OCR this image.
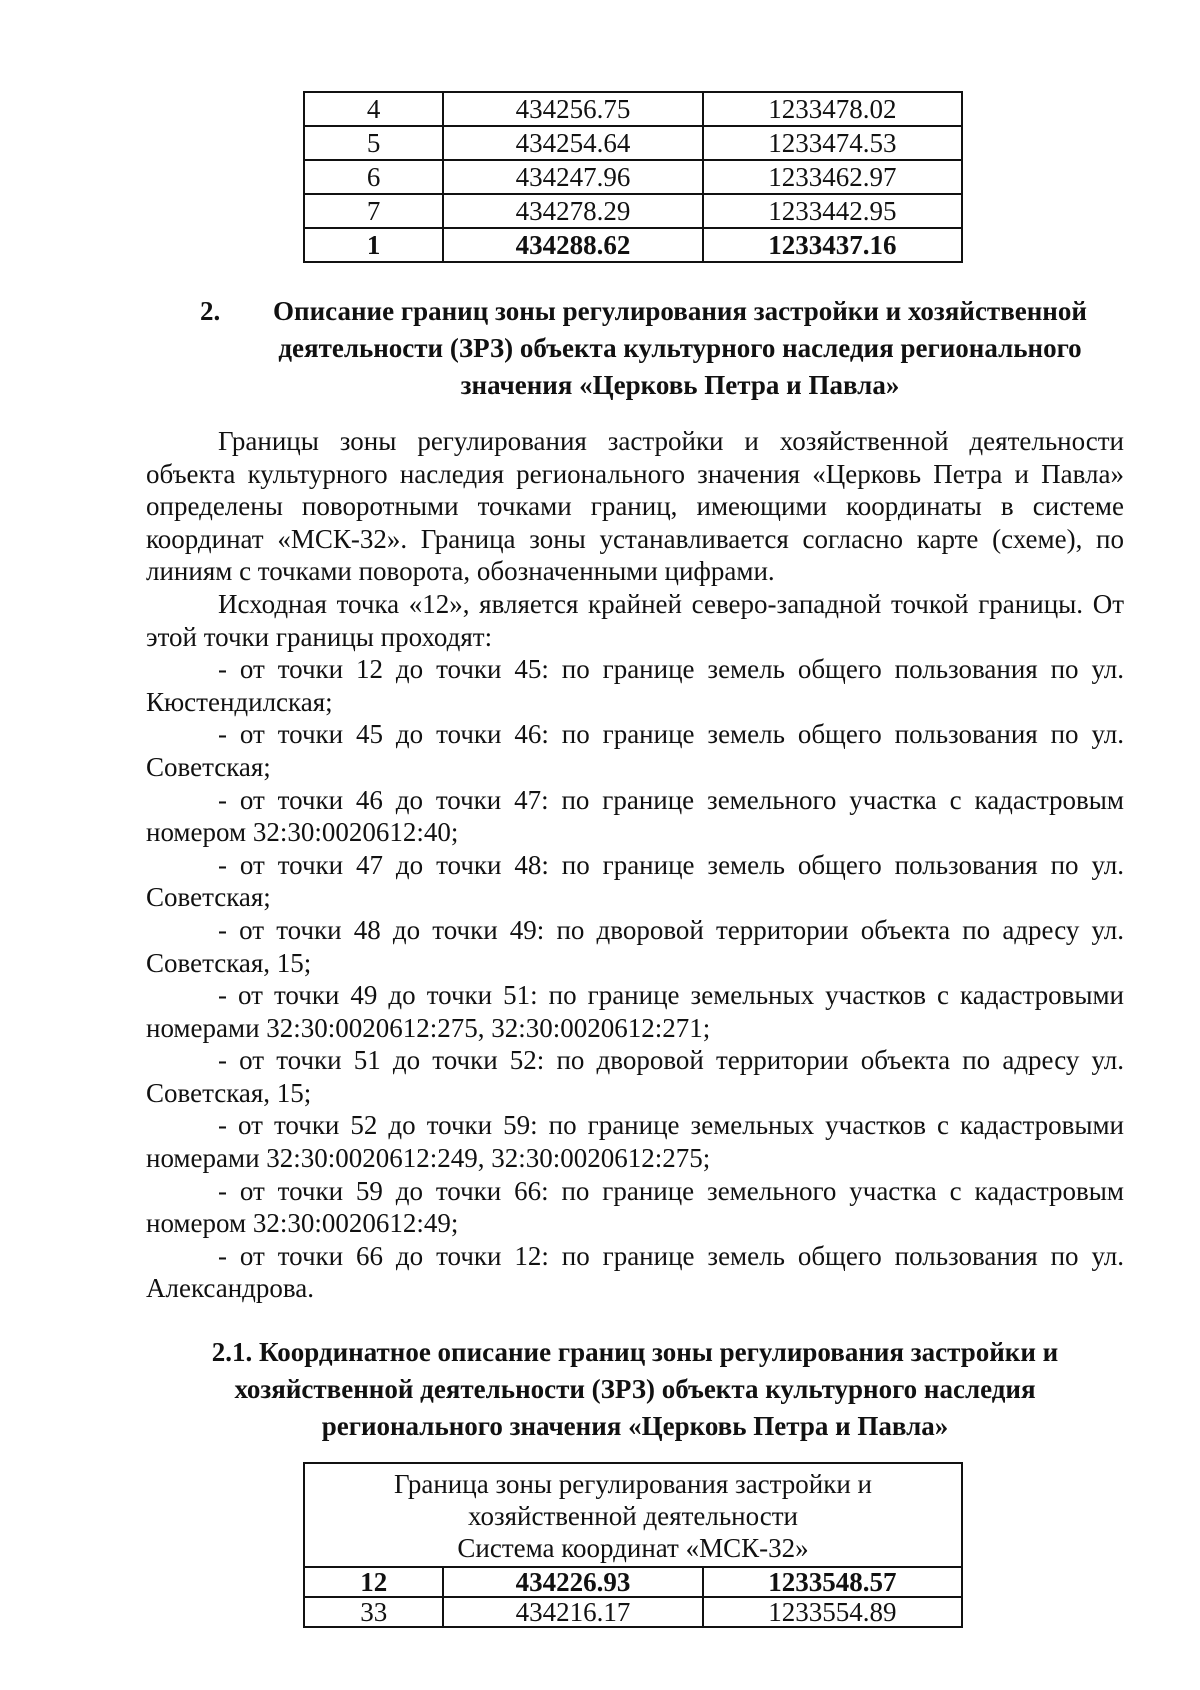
4	434256.75	1233478.02
5	434254.64	1233474.53
6	434247.96	1233462.97
7	434278.29	1233442.95
1	434288.62	1233437.16
2.	Описание границ зоны регулирования застройки и хозяйственной деятельности (ЗРЗ) объекта культурного наследия регионального значения «Церковь Петра и Павла»

Границы зоны регулирования застройки и хозяйственной деятельности объекта культурного наследия регионального значения «Церковь Петра и Павла» определены поворотными точками границ, имеющими координаты в системе координат «МСК-32». Граница зоны устанавливается согласно карте (схеме), по линиям с точками поворота, обозначенными цифрами.

Исходная точка «12», является крайней северо-западной точкой границы. От этой точки границы проходят:

- от точки 12 до точки 45: по границе земель общего пользования по ул. Кюстендилская;

- от точки 45 до точки 46: по границе земель общего пользования по ул. Советская;

- от точки 46 до точки 47: по границе земельного участка с кадастровым номером 32:30:0020612:40;

- от точки 47 до точки 48: по границе земель общего пользования по ул. Советская;

- от точки 48 до точки 49: по дворовой территории объекта по адресу ул. Советская, 15;

- от точки 49 до точки 51: по границе земельных участков с кадастровыми номерами 32:30:0020612:275, 32:30:0020612:271;

- от точки 51 до точки 52: по дворовой территории объекта по адресу ул. Советская, 15;

- от точки 52 до точки 59: по границе земельных участков с кадастровыми номерами 32:30:0020612:249, 32:30:0020612:275;

- от точки 59 до точки 66: по границе земельного участка с кадастровым номером 32:30:0020612:49;

- от точки 66 до точки 12: по границе земель общего пользования по ул. Александрова.

2.1. Координатное описание границ зоны регулирования застройки и хозяйственной деятельности (ЗРЗ) объекта культурного наследия регионального значения «Церковь Петра и Павла»
Граница зоны регулирования застройки и
хозяйственной деятельности
Система координат «МСК-32»		

12	434226.93	1233548.57
33	434216.17	1233554.89
